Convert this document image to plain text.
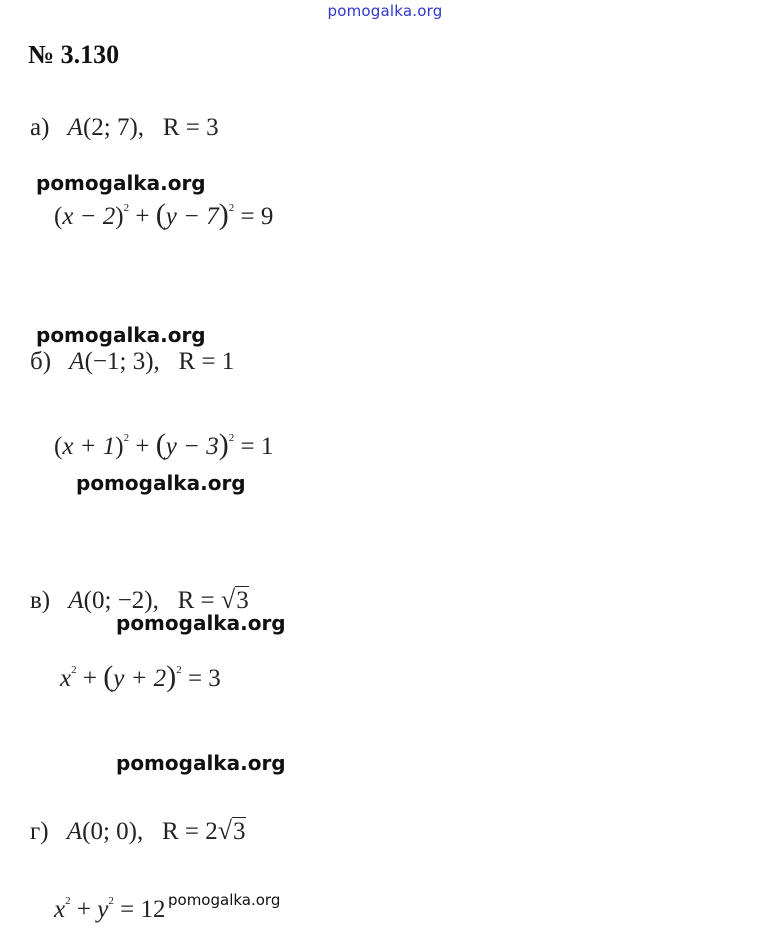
pomogalka.org
№ 3.130
а) A(2; 7), R = 3
pomogalka.org
$(x - 2)^2 + (y - 7)^2 = 9$
pomogalka.org
б) A(−1; 3), R = 1
$(x + 1)^2 + (y - 3)^2 = 1$
pomogalka.org
в) A(0; −2), R = √3
pomogalka.org
$x^2 + (y + 2)^2 = 3$
pomogalka.org
г) A(0; 0), R = 2√3
$x^2 + y^2 = 12$ pomogalka.org
